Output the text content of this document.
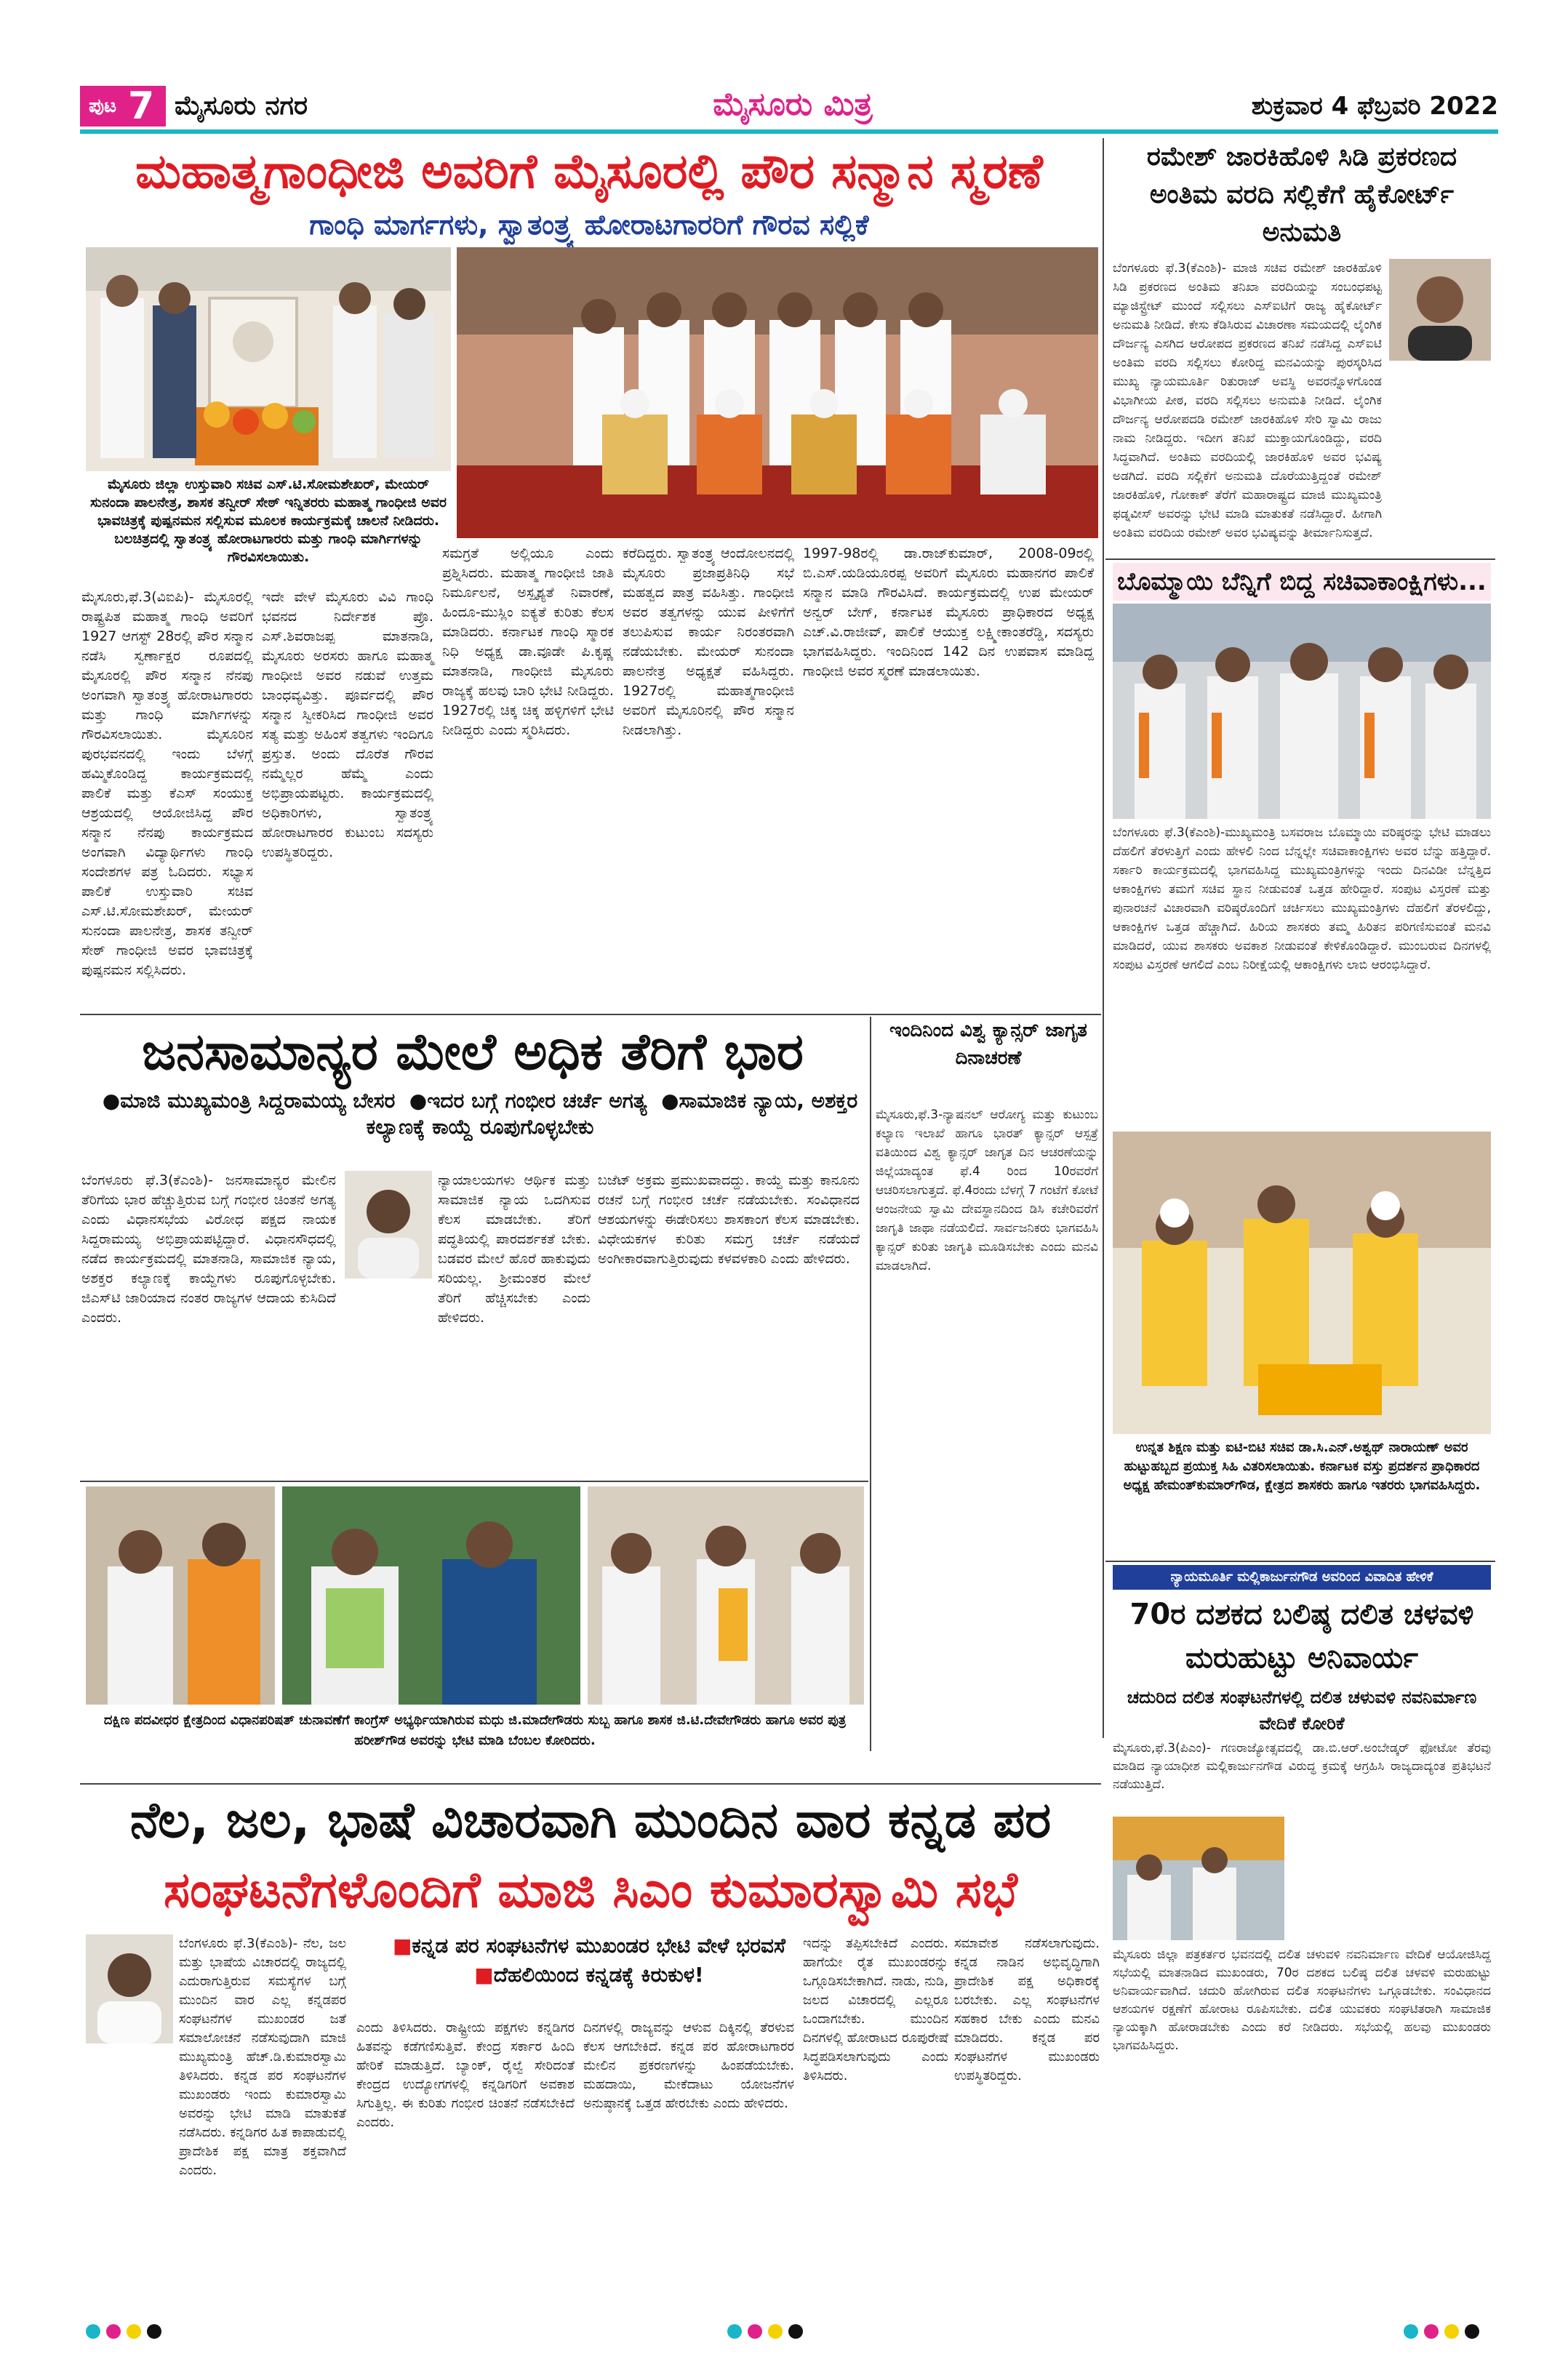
ಪುಟ 7 ಮೈಸೂರು ನಗರ	ಮೈಸೂರು ಮಿತ್ರ	ಶುಕ್ರವಾರ 4 ಫೆಬ್ರವರಿ 2022
ಮಹಾತ್ಮಗಾಂಧೀಜಿ ಅವರಿಗೆ ಮೈಸೂರಲ್ಲಿ ಪೌರ ಸನ್ಮಾನ ಸ್ಮರಣೆ
ಗಾಂಧಿ ಮಾರ್ಗಗಳು, ಸ್ವಾತಂತ್ರ್ಯ ಹೋರಾಟಗಾರರಿಗೆ ಗೌರವ ಸಲ್ಲಿಕೆ
ಮೈಸೂರು ಜಿಲ್ಲಾ ಉಸ್ತುವಾರಿ ಸಚಿವ ಎಸ್.ಟಿ.ಸೋಮಶೇಖರ್, ಮೇಯರ್ ಸುನಂದಾ ಪಾಲನೇತ್ರ, ಶಾಸಕ ತನ್ವೀರ್ ಸೇಠ್ ಇನ್ನಿತರರು ಮಹಾತ್ಮ ಗಾಂಧೀಜಿ ಅವರ ಭಾವಚಿತ್ರಕ್ಕೆ ಪುಷ್ಪನಮನ ಸಲ್ಲಿಸುವ ಮೂಲಕ ಕಾರ್ಯಕ್ರಮಕ್ಕೆ ಚಾಲನೆ ನೀಡಿದರು. ಬಲಚಿತ್ರದಲ್ಲಿ ಸ್ವಾತಂತ್ರ್ಯ ಹೋರಾಟಗಾರರು ಮತ್ತು ಗಾಂಧಿ ಮಾರ್ಗಿಗಳನ್ನು ಗೌರವಿಸಲಾಯಿತು.
ಮೈಸೂರು,ಫೆ.3(ವಿಐಪಿ)- ಮೈಸೂರಲ್ಲಿ ರಾಷ್ಟ್ರಪಿತ ಮಹಾತ್ಮ ಗಾಂಧಿ ಅವರಿಗೆ 1927 ಆಗಸ್ಟ್ 28ರಲ್ಲಿ ಪೌರ ಸನ್ಮಾನ ನಡೆಸಿ ಸ್ವರ್ಣಾಕ್ಷರ ರೂಪದಲ್ಲಿ ಮೈಸೂರಲ್ಲಿ ಪೌರ ಸನ್ಮಾನ ನೆನಪು ಅಂಗವಾಗಿ ಸ್ವಾತಂತ್ರ್ಯ ಹೋರಾಟಗಾರರು ಮತ್ತು ಗಾಂಧಿ ಮಾರ್ಗಿಗಳನ್ನು ಗೌರವಿಸಲಾಯಿತು. ಮೈಸೂರಿನ ಪುರಭವನದಲ್ಲಿ ಇಂದು ಬೆಳಗ್ಗೆ ಹಮ್ಮಿಕೊಂಡಿದ್ದ ಕಾರ್ಯಕ್ರಮದಲ್ಲಿ ಪಾಲಿಕೆ ಮತ್ತು ಕೆಎಸ್ ಸಂಯುಕ್ತ ಆಶ್ರಯದಲ್ಲಿ ಆಯೋಜಿಸಿದ್ದ ಪೌರ ಸನ್ಮಾನ ನೆನಪು ಕಾರ್ಯಕ್ರಮದ ಅಂಗವಾಗಿ ವಿದ್ಯಾರ್ಥಿಗಳು ಗಾಂಧಿ ಸಂದೇಶಗಳ ಪತ್ರ ಓದಿದರು. ಸಭ್ಯಾಸ ಪಾಲಿಕೆ ಉಸ್ತುವಾರಿ ಸಚಿವ ಎಸ್.ಟಿ.ಸೋಮಶೇಖರ್, ಮೇಯರ್ ಸುನಂದಾ ಪಾಲನೇತ್ರ, ಶಾಸಕ ತನ್ವೀರ್ ಸೇಠ್ ಗಾಂಧೀಜಿ ಅವರ ಭಾವಚಿತ್ರಕ್ಕೆ ಪುಷ್ಪನಮನ ಸಲ್ಲಿಸಿದರು.
ಇದೇ ವೇಳೆ ಮೈಸೂರು ವಿವಿ ಗಾಂಧಿ ಭವನದ ನಿರ್ದೇಶಕ ಪ್ರೊ. ಎಸ್.ಶಿವರಾಜಪ್ಪ ಮಾತನಾಡಿ, ಮೈಸೂರು ಅರಸರು ಹಾಗೂ ಮಹಾತ್ಮ ಗಾಂಧೀಜಿ ಅವರ ನಡುವೆ ಉತ್ತಮ ಬಾಂಧವ್ಯವಿತ್ತು. ಪೂರ್ವದಲ್ಲಿ ಪೌರ ಸನ್ಮಾನ ಸ್ವೀಕರಿಸಿದ ಗಾಂಧೀಜಿ ಅವರ ಸತ್ಯ ಮತ್ತು ಅಹಿಂಸೆ ತತ್ವಗಳು ಇಂದಿಗೂ ಪ್ರಸ್ತುತ. ಅಂದು ದೊರೆತ ಗೌರವ ನಮ್ಮೆಲ್ಲರ ಹೆಮ್ಮೆ ಎಂದು ಅಭಿಪ್ರಾಯಪಟ್ಟರು. ಕಾರ್ಯಕ್ರಮದಲ್ಲಿ ಅಧಿಕಾರಿಗಳು, ಸ್ವಾತಂತ್ರ್ಯ ಹೋರಾಟಗಾರರ ಕುಟುಂಬ ಸದಸ್ಯರು ಉಪಸ್ಥಿತರಿದ್ದರು.
ಸಮಗ್ರತೆ ಅಲ್ಲಿಯೂ ಎಂದು ಪ್ರಶ್ನಿಸಿದರು. ಮಹಾತ್ಮ ಗಾಂಧೀಜಿ ಜಾತಿ ನಿರ್ಮೂಲನೆ, ಅಸ್ಪೃಶ್ಯತೆ ನಿವಾರಣೆ, ಹಿಂದೂ-ಮುಸ್ಲಿಂ ಐಕ್ಯತೆ ಕುರಿತು ಕೆಲಸ ಮಾಡಿದರು. ಕರ್ನಾಟಕ ಗಾಂಧಿ ಸ್ಮಾರಕ ನಿಧಿ ಅಧ್ಯಕ್ಷ ಡಾ.ವೂಡೇ ಪಿ.ಕೃಷ್ಣ ಮಾತನಾಡಿ, ಗಾಂಧೀಜಿ ಮೈಸೂರು ರಾಜ್ಯಕ್ಕೆ ಹಲವು ಬಾರಿ ಭೇಟಿ ನೀಡಿದ್ದರು. 1927ರಲ್ಲಿ ಚಿಕ್ಕ ಚಿಕ್ಕ ಹಳ್ಳಿಗಳಿಗೆ ಭೇಟಿ ನೀಡಿದ್ದರು ಎಂದು ಸ್ಮರಿಸಿದರು.
ಕರೆದಿದ್ದರು. ಸ್ವಾತಂತ್ರ್ಯ ಆಂದೋಲನದಲ್ಲಿ ಮೈಸೂರು ಪ್ರಜಾಪ್ರತಿನಿಧಿ ಸಭೆ ಮಹತ್ವದ ಪಾತ್ರ ವಹಿಸಿತ್ತು. ಗಾಂಧೀಜಿ ಅವರ ತತ್ವಗಳನ್ನು ಯುವ ಪೀಳಿಗೆಗೆ ತಲುಪಿಸುವ ಕಾರ್ಯ ನಿರಂತರವಾಗಿ ನಡೆಯಬೇಕು. ಮೇಯರ್ ಸುನಂದಾ ಪಾಲನೇತ್ರ ಅಧ್ಯಕ್ಷತೆ ವಹಿಸಿದ್ದರು. 1927ರಲ್ಲಿ ಮಹಾತ್ಮಗಾಂಧೀಜಿ ಅವರಿಗೆ ಮೈಸೂರಿನಲ್ಲಿ ಪೌರ ಸನ್ಮಾನ ನೀಡಲಾಗಿತ್ತು.
1997-98ರಲ್ಲಿ ಡಾ.ರಾಜ್‌ಕುಮಾರ್, 2008-09ರಲ್ಲಿ ಬಿ.ಎಸ್.ಯಡಿಯೂರಪ್ಪ ಅವರಿಗೆ ಮೈಸೂರು ಮಹಾನಗರ ಪಾಲಿಕೆ ಸನ್ಮಾನ ಮಾಡಿ ಗೌರವಿಸಿದೆ. ಕಾರ್ಯಕ್ರಮದಲ್ಲಿ ಉಪ ಮೇಯರ್ ಅನ್ವರ್ ಬೇಗ್, ಕರ್ನಾಟಕ ಮೈಸೂರು ಪ್ರಾಧಿಕಾರದ ಅಧ್ಯಕ್ಷ ಎಚ್.ವಿ.ರಾಜೀವ್, ಪಾಲಿಕೆ ಆಯುಕ್ತ ಲಕ್ಷ್ಮೀಕಾಂತರೆಡ್ಡಿ, ಸದಸ್ಯರು ಭಾಗವಹಿಸಿದ್ದರು. ಇಂದಿನಿಂದ 142 ದಿನ ಉಪವಾಸ ಮಾಡಿದ್ದ ಗಾಂಧೀಜಿ ಅವರ ಸ್ಮರಣೆ ಮಾಡಲಾಯಿತು.
ರಮೇಶ್ ಜಾರಕಿಹೊಳಿ ಸಿಡಿ ಪ್ರಕರಣದ ಅಂತಿಮ ವರದಿ ಸಲ್ಲಿಕೆಗೆ ಹೈಕೋರ್ಟ್ ಅನುಮತಿ
ಬೆಂಗಳೂರು ಫೆ.3(ಕೆಎಂಶಿ)- ಮಾಜಿ ಸಚಿವ ರಮೇಶ್ ಜಾರಕಿಹೊಳಿ ಸಿಡಿ ಪ್ರಕರಣದ ಅಂತಿಮ ತನಿಖಾ ವರದಿಯನ್ನು ಸಂಬಂಧಪಟ್ಟ ಮ್ಯಾಜಿಸ್ಟ್ರೇಟ್ ಮುಂದೆ ಸಲ್ಲಿಸಲು ಎಸ್‌ಐಟಿಗೆ ರಾಜ್ಯ ಹೈಕೋರ್ಟ್ ಅನುಮತಿ ನೀಡಿದೆ. ಕೇಸು ಕೆಡಿಸಿರುವ ವಿಚಾರಣಾ ಸಮಯದಲ್ಲಿ ಲೈಂಗಿಕ ದೌರ್ಜನ್ಯ ಎಸಗಿದ ಆರೋಪದ ಪ್ರಕರಣದ ತನಿಖೆ ನಡೆಸಿದ್ದ ಎಸ್‌ಐಟಿ ಅಂತಿಮ ವರದಿ ಸಲ್ಲಿಸಲು ಕೋರಿದ್ದ ಮನವಿಯನ್ನು ಪುರಸ್ಕರಿಸಿದ ಮುಖ್ಯ ನ್ಯಾಯಮೂರ್ತಿ ರಿತುರಾಜ್ ಅವಸ್ಥಿ ಅವರನ್ನೊಳಗೊಂಡ ವಿಭಾಗೀಯ ಪೀಠ, ವರದಿ ಸಲ್ಲಿಸಲು ಅನುಮತಿ ನೀಡಿದೆ. ಲೈಂಗಿಕ ದೌರ್ಜನ್ಯ ಆರೋಪದಡಿ ರಮೇಶ್ ಜಾರಕಿಹೊಳಿ ಸೇರಿ ಸ್ವಾಮಿ ರಾಜು ನಾಮ ನೀಡಿದ್ದರು. ಇದೀಗ ತನಿಖೆ ಮುಕ್ತಾಯಗೊಂಡಿದ್ದು, ವರದಿ ಸಿದ್ಧವಾಗಿದೆ. ಅಂತಿಮ ವರದಿಯಲ್ಲಿ ಜಾರಕಿಹೊಳಿ ಅವರ ಭವಿಷ್ಯ ಅಡಗಿದೆ. ವರದಿ ಸಲ್ಲಿಕೆಗೆ ಅನುಮತಿ ದೊರೆಯುತ್ತಿದ್ದಂತೆ ರಮೇಶ್ ಜಾರಕಿಹೊಳಿ, ಗೋಕಾಕ್ ತೆರೆಗೆ ಮಹಾರಾಷ್ಟ್ರದ ಮಾಜಿ ಮುಖ್ಯಮಂತ್ರಿ ಫಡ್ನವೀಸ್ ಅವರನ್ನು ಭೇಟಿ ಮಾಡಿ ಮಾತುಕತೆ ನಡೆಸಿದ್ದಾರೆ. ಹೀಗಾಗಿ ಅಂತಿಮ ವರದಿಯ ರಮೇಶ್ ಅವರ ಭವಿಷ್ಯವನ್ನು ತೀರ್ಮಾನಿಸುತ್ತದೆ.
ಬೊಮ್ಮಾಯಿ ಬೆನ್ನಿಗೆ ಬಿದ್ದ ಸಚಿವಾಕಾಂಕ್ಷಿಗಳು...
ಬೆಂಗಳೂರು ಫೆ.3(ಕೆಎಂಶಿ)-ಮುಖ್ಯಮಂತ್ರಿ ಬಸವರಾಜ ಬೊಮ್ಮಾಯಿ ವರಿಷ್ಠರನ್ನು ಭೇಟಿ ಮಾಡಲು ದೆಹಲಿಗೆ ತೆರಳುತ್ತಿಗೆ ಎಂದು ಹೇಳಲಿ ನಿಂದ ಬೆನ್ನಲ್ಲೇ ಸಚಿವಾಕಾಂಕ್ಷಿಗಳು ಅವರ ಬೆನ್ನು ಹತ್ತಿದ್ದಾರೆ. ಸರ್ಕಾರಿ ಕಾರ್ಯಕ್ರಮದಲ್ಲಿ ಭಾಗವಹಿಸಿದ್ದ ಮುಖ್ಯಮಂತ್ರಿಗಳನ್ನು ಇಂದು ದಿನವಿಡೀ ಬೆನ್ನತ್ತಿದ ಆಕಾಂಕ್ಷಿಗಳು ತಮಗೆ ಸಚಿವ ಸ್ಥಾನ ನೀಡುವಂತೆ ಒತ್ತಡ ಹೇರಿದ್ದಾರೆ. ಸಂಪುಟ ವಿಸ್ತರಣೆ ಮತ್ತು ಪುನಾರಚನೆ ವಿಚಾರವಾಗಿ ವರಿಷ್ಠರೊಂದಿಗೆ ಚರ್ಚಿಸಲು ಮುಖ್ಯಮಂತ್ರಿಗಳು ದೆಹಲಿಗೆ ತೆರಳಲಿದ್ದು, ಆಕಾಂಕ್ಷಿಗಳ ಒತ್ತಡ ಹೆಚ್ಚಾಗಿದೆ. ಹಿರಿಯ ಶಾಸಕರು ತಮ್ಮ ಹಿರಿತನ ಪರಿಗಣಿಸುವಂತೆ ಮನವಿ ಮಾಡಿದರೆ, ಯುವ ಶಾಸಕರು ಅವಕಾಶ ನೀಡುವಂತೆ ಕೇಳಿಕೊಂಡಿದ್ದಾರೆ. ಮುಂಬರುವ ದಿನಗಳಲ್ಲಿ ಸಂಪುಟ ವಿಸ್ತರಣೆ ಆಗಲಿದೆ ಎಂಬ ನಿರೀಕ್ಷೆಯಲ್ಲಿ ಆಕಾಂಕ್ಷಿಗಳು ಲಾಬಿ ಆರಂಭಿಸಿದ್ದಾರೆ.
ಜನಸಾಮಾನ್ಯರ ಮೇಲೆ ಅಧಿಕ ತೆರಿಗೆ ಭಾರ
●ಮಾಜಿ ಮುಖ್ಯಮಂತ್ರಿ ಸಿದ್ದರಾಮಯ್ಯ ಬೇಸರ ●ಇದರ ಬಗ್ಗೆ ಗಂಭೀರ ಚರ್ಚೆ ಅಗತ್ಯ ●ಸಾಮಾಜಿಕ ನ್ಯಾಯ, ಅಶಕ್ತರ ಕಲ್ಯಾಣಕ್ಕೆ ಕಾಯ್ದೆ ರೂಪುಗೊಳ್ಳಬೇಕು
ಬೆಂಗಳೂರು ಫೆ.3(ಕೆಎಂಶಿ)- ಜನಸಾಮಾನ್ಯರ ಮೇಲಿನ ತೆರಿಗೆಯ ಭಾರ ಹೆಚ್ಚುತ್ತಿರುವ ಬಗ್ಗೆ ಗಂಭೀರ ಚಿಂತನೆ ಅಗತ್ಯ ಎಂದು ವಿಧಾನಸಭೆಯ ವಿರೋಧ ಪಕ್ಷದ ನಾಯಕ ಸಿದ್ದರಾಮಯ್ಯ ಅಭಿಪ್ರಾಯಪಟ್ಟಿದ್ದಾರೆ. ವಿಧಾನಸೌಧದಲ್ಲಿ ನಡೆದ ಕಾರ್ಯಕ್ರಮದಲ್ಲಿ ಮಾತನಾಡಿ, ಸಾಮಾಜಿಕ ನ್ಯಾಯ, ಅಶಕ್ತರ ಕಲ್ಯಾಣಕ್ಕೆ ಕಾಯ್ದೆಗಳು ರೂಪುಗೊಳ್ಳಬೇಕು. ಜಿಎಸ್‌ಟಿ ಜಾರಿಯಾದ ನಂತರ ರಾಜ್ಯಗಳ ಆದಾಯ ಕುಸಿದಿದೆ ಎಂದರು.
ನ್ಯಾಯಾಲಯಗಳು ಆರ್ಥಿಕ ಮತ್ತು ಸಾಮಾಜಿಕ ನ್ಯಾಯ ಒದಗಿಸುವ ಕೆಲಸ ಮಾಡಬೇಕು. ತೆರಿಗೆ ಪದ್ಧತಿಯಲ್ಲಿ ಪಾರದರ್ಶಕತೆ ಬೇಕು. ಬಡವರ ಮೇಲೆ ಹೊರೆ ಹಾಕುವುದು ಸರಿಯಲ್ಲ. ಶ್ರೀಮಂತರ ಮೇಲೆ ತೆರಿಗೆ ಹೆಚ್ಚಿಸಬೇಕು ಎಂದು ಹೇಳಿದರು.
ಬಜೆಟ್ ಅಕ್ರಮ ಪ್ರಮುಖವಾದದ್ದು. ಕಾಯ್ದೆ ಮತ್ತು ಕಾನೂನು ರಚನೆ ಬಗ್ಗೆ ಗಂಭೀರ ಚರ್ಚೆ ನಡೆಯಬೇಕು. ಸಂವಿಧಾನದ ಆಶಯಗಳನ್ನು ಈಡೇರಿಸಲು ಶಾಸಕಾಂಗ ಕೆಲಸ ಮಾಡಬೇಕು. ವಿಧೇಯಕಗಳ ಕುರಿತು ಸಮಗ್ರ ಚರ್ಚೆ ನಡೆಯದೆ ಅಂಗೀಕಾರವಾಗುತ್ತಿರುವುದು ಕಳವಳಕಾರಿ ಎಂದು ಹೇಳಿದರು.
ಇಂದಿನಿಂದ ವಿಶ್ವ ಕ್ಯಾನ್ಸರ್ ಜಾಗೃತ ದಿನಾಚರಣೆ
ಮೈಸೂರು,ಫೆ.3-ನ್ಯಾಷನಲ್ ಆರೋಗ್ಯ ಮತ್ತು ಕುಟುಂಬ ಕಲ್ಯಾಣ ಇಲಾಖೆ ಹಾಗೂ ಭಾರತ್ ಕ್ಯಾನ್ಸರ್ ಆಸ್ಪತ್ರೆ ವತಿಯಿಂದ ವಿಶ್ವ ಕ್ಯಾನ್ಸರ್ ಜಾಗೃತ ದಿನ ಆಚರಣೆಯನ್ನು ಜಿಲ್ಲೆಯಾದ್ಯಂತ ಫೆ.4 ರಿಂದ 10ರವರೆಗೆ ಆಚರಿಸಲಾಗುತ್ತದೆ. ಫೆ.4ರಂದು ಬೆಳಗ್ಗೆ 7 ಗಂಟೆಗೆ ಕೋಟೆ ಆಂಜನೇಯ ಸ್ವಾಮಿ ದೇವಸ್ಥಾನದಿಂದ ಡಿಸಿ ಕಚೇರಿವರೆಗೆ ಜಾಗೃತಿ ಜಾಥಾ ನಡೆಯಲಿದೆ. ಸಾರ್ವಜನಿಕರು ಭಾಗವಹಿಸಿ ಕ್ಯಾನ್ಸರ್ ಕುರಿತು ಜಾಗೃತಿ ಮೂಡಿಸಬೇಕು ಎಂದು ಮನವಿ ಮಾಡಲಾಗಿದೆ.
ಉನ್ನತ ಶಿಕ್ಷಣ ಮತ್ತು ಐಟಿ-ಬಿಟಿ ಸಚಿವ ಡಾ.ಸಿ.ಎನ್.ಅಶ್ವಥ್ ನಾರಾಯಣ್ ಅವರ ಹುಟ್ಟುಹಬ್ಬದ ಪ್ರಯುಕ್ತ ಸಿಹಿ ವಿತರಿಸಲಾಯಿತು. ಕರ್ನಾಟಕ ವಸ್ತು ಪ್ರದರ್ಶನ ಪ್ರಾಧಿಕಾರದ ಅಧ್ಯಕ್ಷ ಹೇಮಂತ್‌ಕುಮಾರ್‌ಗೌಡ, ಕ್ಷೇತ್ರದ ಶಾಸಕರು ಹಾಗೂ ಇತರರು ಭಾಗವಹಿಸಿದ್ದರು.
ದಕ್ಷಿಣ ಪದವೀಧರ ಕ್ಷೇತ್ರದಿಂದ ವಿಧಾನಪರಿಷತ್ ಚುನಾವಣೆಗೆ ಕಾಂಗ್ರೆಸ್ ಅಭ್ಯರ್ಥಿಯಾಗಿರುವ ಮಧು ಜಿ.ಮಾದೇಗೌಡರು ಸುಬ್ಬ ಹಾಗೂ ಶಾಸಕ ಜಿ.ಟಿ.ದೇವೇಗೌಡರು ಹಾಗೂ ಅವರ ಪುತ್ರ ಹರೀಶ್‌ಗೌಡ ಅವರನ್ನು ಭೇಟಿ ಮಾಡಿ ಬೆಂಬಲ ಕೋರಿದರು.
ನ್ಯಾಯಮೂರ್ತಿ ಮಲ್ಲಿಕಾರ್ಜುನಗೌಡ ಅವರಿಂದ ವಿವಾದಿತ ಹೇಳಿಕೆ
70ರ ದಶಕದ ಬಲಿಷ್ಠ ದಲಿತ ಚಳವಳಿ ಮರುಹುಟ್ಟು ಅನಿವಾರ್ಯ
ಚದುರಿದ ದಲಿತ ಸಂಘಟನೆಗಳಲ್ಲಿ ದಲಿತ ಚಳುವಳಿ ನವನಿರ್ಮಾಣ ವೇದಿಕೆ ಕೋರಿಕೆ
ಮೈಸೂರು,ಫೆ.3(ಪಿಎಂ)- ಗಣರಾಜ್ಯೋತ್ಸವದಲ್ಲಿ ಡಾ.ಬಿ.ಆರ್.ಅಂಬೇಡ್ಕರ್ ಫೋಟೋ ತೆರವು ಮಾಡಿದ ನ್ಯಾಯಾಧೀಶ ಮಲ್ಲಿಕಾರ್ಜುನಗೌಡ ವಿರುದ್ಧ ಕ್ರಮಕ್ಕೆ ಆಗ್ರಹಿಸಿ ರಾಜ್ಯದಾದ್ಯಂತ ಪ್ರತಿಭಟನೆ ನಡೆಯುತ್ತಿದೆ.
ನೆಲ, ಜಲ, ಭಾಷೆ ವಿಚಾರವಾಗಿ ಮುಂದಿನ ವಾರ ಕನ್ನಡ ಪರ
ಸಂಘಟನೆಗಳೊಂದಿಗೆ ಮಾಜಿ ಸಿಎಂ ಕುಮಾರಸ್ವಾಮಿ ಸಭೆ
ಬೆಂಗಳೂರು ಫೆ.3(ಕೆಎಂಶಿ)- ನೆಲ, ಜಲ ಮತ್ತು ಭಾಷೆಯ ವಿಚಾರದಲ್ಲಿ ರಾಜ್ಯದಲ್ಲಿ ಎದುರಾಗುತ್ತಿರುವ ಸಮಸ್ಯೆಗಳ ಬಗ್ಗೆ ಮುಂದಿನ ವಾರ ಎಲ್ಲ ಕನ್ನಡಪರ ಸಂಘಟನೆಗಳ ಮುಖಂಡರ ಜತೆ ಸಮಾಲೋಚನೆ ನಡೆಸುವುದಾಗಿ ಮಾಜಿ ಮುಖ್ಯಮಂತ್ರಿ ಹೆಚ್.ಡಿ.ಕುಮಾರಸ್ವಾಮಿ ತಿಳಿಸಿದರು. ಕನ್ನಡ ಪರ ಸಂಘಟನೆಗಳ ಮುಖಂಡರು ಇಂದು ಕುಮಾರಸ್ವಾಮಿ ಅವರನ್ನು ಭೇಟಿ ಮಾಡಿ ಮಾತುಕತೆ ನಡೆಸಿದರು. ಕನ್ನಡಿಗರ ಹಿತ ಕಾಪಾಡುವಲ್ಲಿ ಪ್ರಾದೇಶಿಕ ಪಕ್ಷ ಮಾತ್ರ ಶಕ್ತವಾಗಿದೆ ಎಂದರು.
■ಕನ್ನಡ ಪರ ಸಂಘಟನೆಗಳ ಮುಖಂಡರ ಭೇಟಿ ವೇಳೆ ಭರವಸೆ
■ದೆಹಲಿಯಿಂದ ಕನ್ನಡಕ್ಕೆ ಕಿರುಕುಳ!
ಎಂದು ತಿಳಿಸಿದರು. ರಾಷ್ಟ್ರೀಯ ಪಕ್ಷಗಳು ಕನ್ನಡಿಗರ ಹಿತವನ್ನು ಕಡೆಗಣಿಸುತ್ತಿವೆ. ಕೇಂದ್ರ ಸರ್ಕಾರ ಹಿಂದಿ ಹೇರಿಕೆ ಮಾಡುತ್ತಿದೆ. ಬ್ಯಾಂಕ್, ರೈಲ್ವೆ ಸೇರಿದಂತೆ ಕೇಂದ್ರದ ಉದ್ಯೋಗಗಳಲ್ಲಿ ಕನ್ನಡಿಗರಿಗೆ ಅವಕಾಶ ಸಿಗುತ್ತಿಲ್ಲ. ಈ ಕುರಿತು ಗಂಭೀರ ಚಿಂತನೆ ನಡೆಸಬೇಕಿದೆ ಎಂದರು.
ದಿನಗಳಲ್ಲಿ ರಾಜ್ಯವನ್ನು ಆಳುವ ದಿಕ್ಕಿನಲ್ಲಿ ತೆರಳುವ ಕೆಲಸ ಆಗಬೇಕಿದೆ. ಕನ್ನಡ ಪರ ಹೋರಾಟಗಾರರ ಮೇಲಿನ ಪ್ರಕರಣಗಳನ್ನು ಹಿಂಪಡೆಯಬೇಕು. ಮಹದಾಯಿ, ಮೇಕೆದಾಟು ಯೋಜನೆಗಳ ಅನುಷ್ಠಾನಕ್ಕೆ ಒತ್ತಡ ಹೇರಬೇಕು ಎಂದು ಹೇಳಿದರು.
ಇದನ್ನು ತಪ್ಪಿಸಬೇಕಿದೆ ಎಂದರು. ಹಾಗೆಯೇ ರೈತ ಮುಖಂಡರನ್ನು ಒಗ್ಗೂಡಿಸಬೇಕಾಗಿದೆ. ನಾಡು, ನುಡಿ, ಜಲದ ವಿಚಾರದಲ್ಲಿ ಎಲ್ಲರೂ ಒಂದಾಗಬೇಕು. ಮುಂದಿನ ದಿನಗಳಲ್ಲಿ ಹೋರಾಟದ ರೂಪುರೇಷೆ ಸಿದ್ಧಪಡಿಸಲಾಗುವುದು ಎಂದು ತಿಳಿಸಿದರು.
ಸಮಾವೇಶ ನಡೆಸಲಾಗುವುದು. ಕನ್ನಡ ನಾಡಿನ ಅಭಿವೃದ್ಧಿಗಾಗಿ ಪ್ರಾದೇಶಿಕ ಪಕ್ಷ ಅಧಿಕಾರಕ್ಕೆ ಬರಬೇಕು. ಎಲ್ಲ ಸಂಘಟನೆಗಳ ಸಹಕಾರ ಬೇಕು ಎಂದು ಮನವಿ ಮಾಡಿದರು. ಕನ್ನಡ ಪರ ಸಂಘಟನೆಗಳ ಮುಖಂಡರು ಉಪಸ್ಥಿತರಿದ್ದರು.
ಮೈಸೂರು ಜಿಲ್ಲಾ ಪತ್ರಕರ್ತರ ಭವನದಲ್ಲಿ ದಲಿತ ಚಳುವಳಿ ನವನಿರ್ಮಾಣ ವೇದಿಕೆ ಆಯೋಜಿಸಿದ್ದ ಸಭೆಯಲ್ಲಿ ಮಾತನಾಡಿದ ಮುಖಂಡರು, 70ರ ದಶಕದ ಬಲಿಷ್ಠ ದಲಿತ ಚಳವಳಿ ಮರುಹುಟ್ಟು ಅನಿವಾರ್ಯವಾಗಿದೆ. ಚದುರಿ ಹೋಗಿರುವ ದಲಿತ ಸಂಘಟನೆಗಳು ಒಗ್ಗೂಡಬೇಕು. ಸಂವಿಧಾನದ ಆಶಯಗಳ ರಕ್ಷಣೆಗೆ ಹೋರಾಟ ರೂಪಿಸಬೇಕು. ದಲಿತ ಯುವಕರು ಸಂಘಟಿತರಾಗಿ ಸಾಮಾಜಿಕ ನ್ಯಾಯಕ್ಕಾಗಿ ಹೋರಾಡಬೇಕು ಎಂದು ಕರೆ ನೀಡಿದರು. ಸಭೆಯಲ್ಲಿ ಹಲವು ಮುಖಂಡರು ಭಾಗವಹಿಸಿದ್ದರು.
